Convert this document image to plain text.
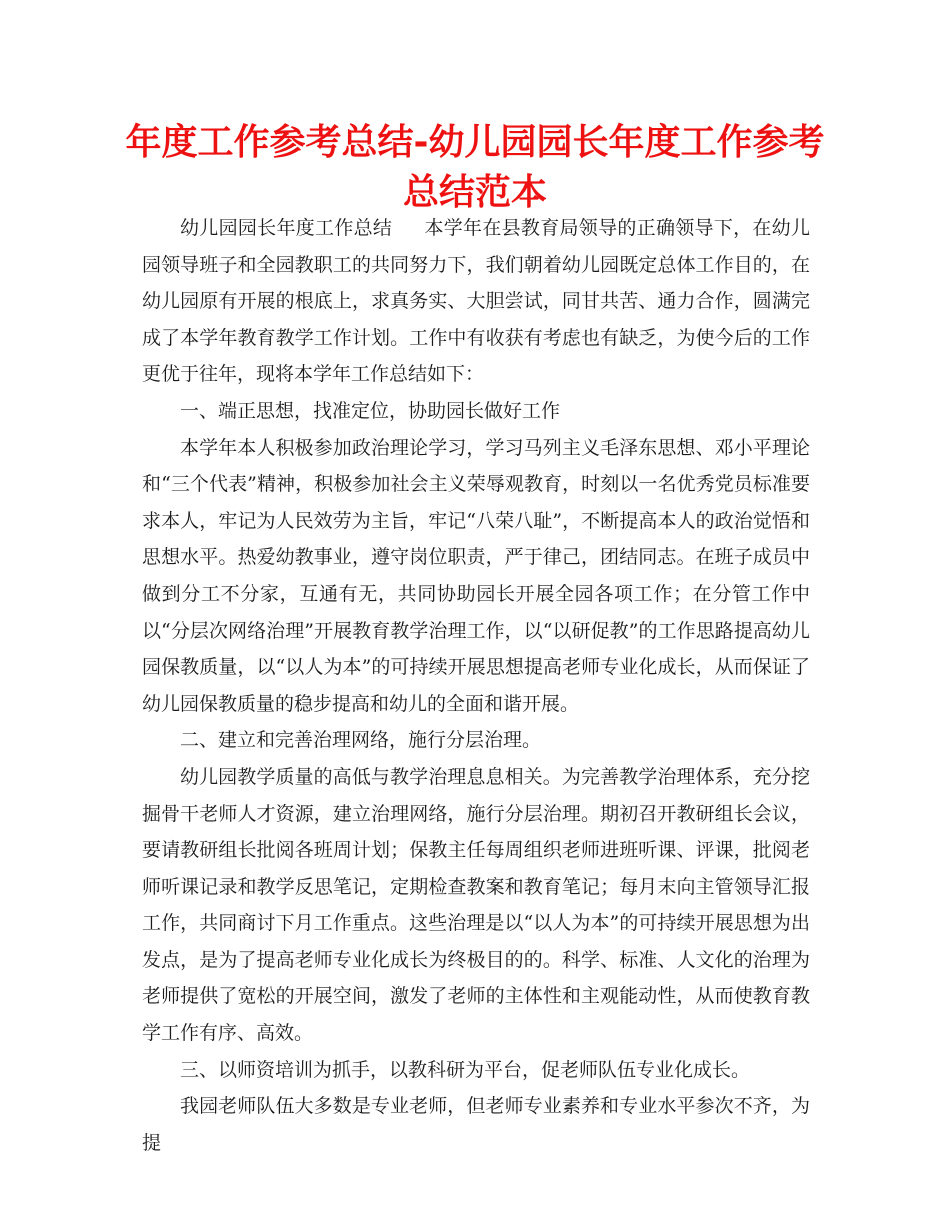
年度工作参考总结-幼儿园园长年度工作参考总结范本

幼儿园园长年度工作总结 本学年在县教育局领导的正确领导下，在幼儿园领导班子和全园教职工的共同努力下，我们朝着幼儿园既定总体工作目的，在幼儿园原有开展的根底上，求真务实、大胆尝试，同甘共苦、通力合作，圆满完成了本学年教育教学工作计划。工作中有收获有考虑也有缺乏，为使今后的工作更优于往年，现将本学年工作总结如下：

一、端正思想，找准定位，协助园长做好工作

本学年本人积极参加政治理论学习，学习马列主义毛泽东思想、邓小平理论和“三个代表”精神，积极参加社会主义荣辱观教育，时刻以一名优秀党员标准要求本人，牢记为人民效劳为主旨，牢记“八荣八耻”，不断提高本人的政治觉悟和思想水平。热爱幼教事业，遵守岗位职责，严于律己，团结同志。在班子成员中做到分工不分家，互通有无，共同协助园长开展全园各项工作；在分管工作中以“分层次网络治理”开展教育教学治理工作，以“以研促教”的工作思路提高幼儿园保教质量，以“以人为本”的可持续开展思想提高老师专业化成长，从而保证了幼儿园保教质量的稳步提高和幼儿的全面和谐开展。

二、建立和完善治理网络，施行分层治理。

幼儿园教学质量的高低与教学治理息息相关。为完善教学治理体系，充分挖掘骨干老师人才资源，建立治理网络，施行分层治理。期初召开教研组长会议，要请教研组长批阅各班周计划；保教主任每周组织老师进班听课、评课，批阅老师听课记录和教学反思笔记，定期检查教案和教育笔记；每月末向主管领导汇报工作，共同商讨下月工作重点。这些治理是以“以人为本”的可持续开展思想为出发点，是为了提高老师专业化成长为终极目的的。科学、标准、人文化的治理为老师提供了宽松的开展空间，激发了老师的主体性和主观能动性，从而使教育教学工作有序、高效。

三、以师资培训为抓手，以教科研为平台，促老师队伍专业化成长。

我园老师队伍大多数是专业老师，但老师专业素养和专业水平参次不齐，为提
